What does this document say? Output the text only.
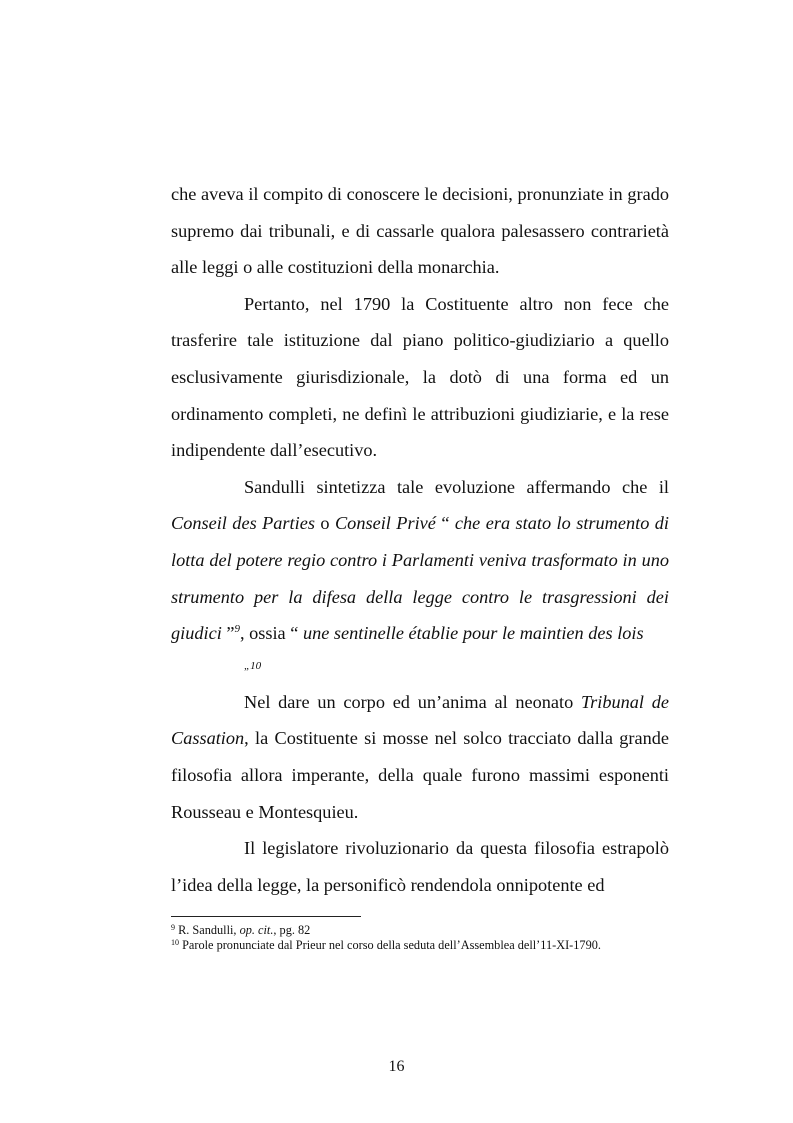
che aveva il compito di conoscere le decisioni, pronunziate in grado supremo dai tribunali, e di cassarle qualora palesassero contrarietà alle leggi o alle costituzioni della monarchia.

Pertanto, nel 1790 la Costituente altro non fece che trasferire tale istituzione dal piano politico-giudiziario a quello esclusivamente giurisdizionale, la dotò di una forma ed un ordinamento completi, ne definì le attribuzioni giudiziarie, e la rese indipendente dall’esecutivo.

Sandulli sintetizza tale evoluzione affermando che il Conseil des Parties o Conseil Privé “ che era stato lo strumento di lotta del potere regio contro i Parlamenti veniva trasformato in uno strumento per la difesa della legge contro le trasgressioni dei giudici ”$^9$, ossia “ une sentinelle établie pour le maintien des lois
„10

Nel dare un corpo ed un’anima al neonato Tribunal de Cassation, la Costituente si mosse nel solco tracciato dalla grande filosofia allora imperante, della quale furono massimi esponenti Rousseau e Montesquieu.

Il legislatore rivoluzionario da questa filosofia estrapolò l’idea della legge, la personificò rendendola onnipotente ed

$^9$ R. Sandulli, op. cit., pg. 82

$^{10}$ Parole pronunciate dal Prieur nel corso della seduta dell’Assemblea dell’11-XI-1790.

16
